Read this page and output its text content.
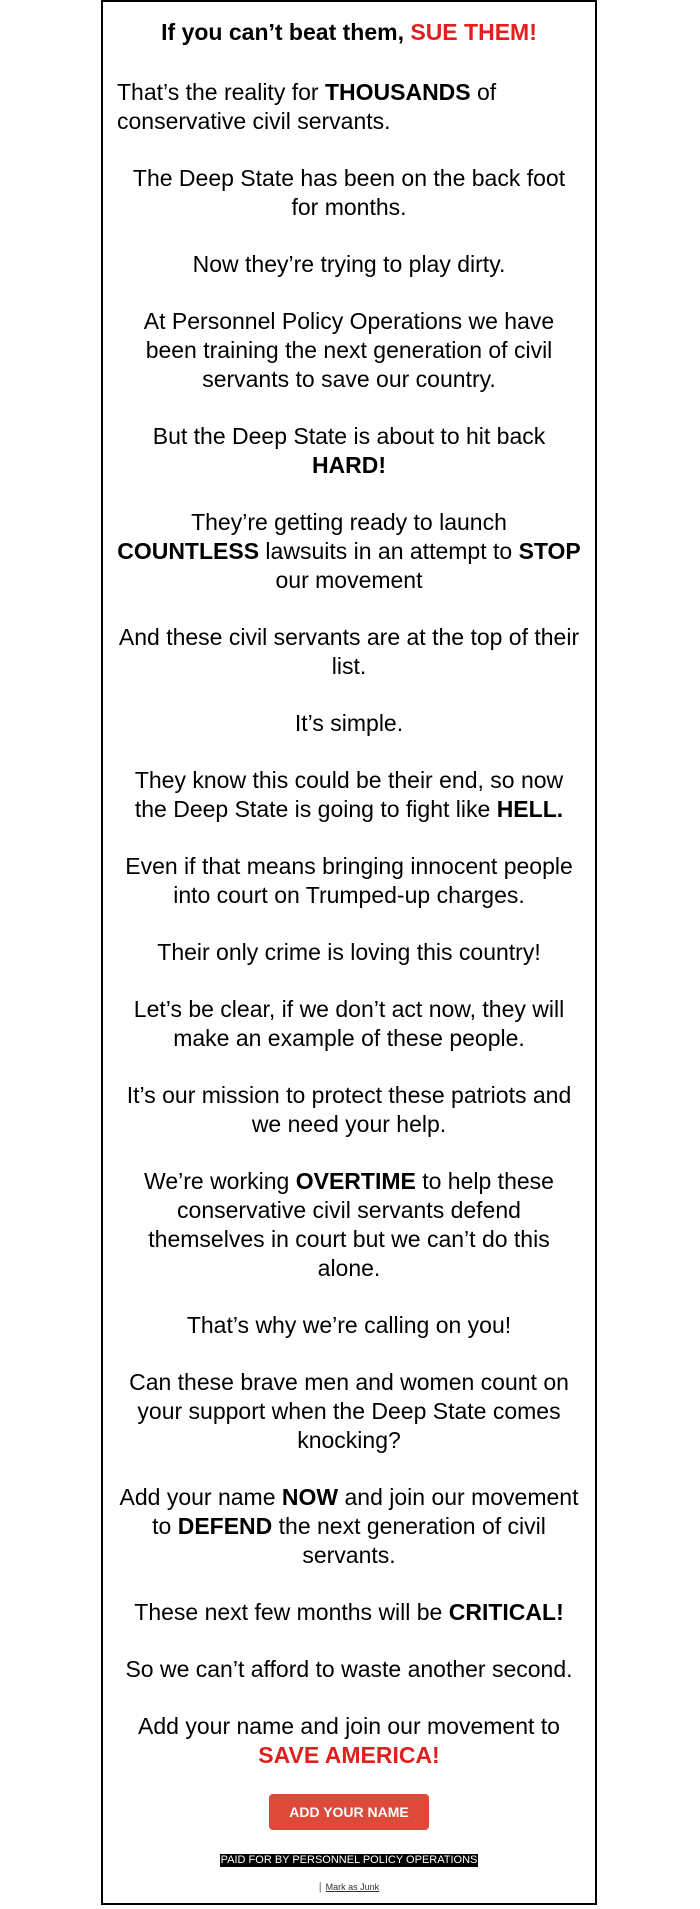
If you can’t beat them, SUE THEM!

That’s the reality for THOUSANDS of conservative civil servants.

The Deep State has been on the back foot for months.

Now they’re trying to play dirty.

At Personnel Policy Operations we have been training the next generation of civil servants to save our country.

But the Deep State is about to hit back HARD!

They’re getting ready to launch COUNTLESS lawsuits in an attempt to STOP our movement

And these civil servants are at the top of their list.

It’s simple.

They know this could be their end, so now the Deep State is going to fight like HELL.

Even if that means bringing innocent people into court on Trumped-up charges.

Their only crime is loving this country!

Let’s be clear, if we don’t act now, they will make an example of these people.

It’s our mission to protect these patriots and we need your help.

We’re working OVERTIME to help these conservative civil servants defend themselves in court but we can’t do this alone.

That’s why we’re calling on you!

Can these brave men and women count on your support when the Deep State comes knocking?

Add your name NOW and join our movement to DEFEND the next generation of civil servants.

These next few months will be CRITICAL!

So we can’t afford to waste another second.

Add your name and join our movement to
SAVE AMERICA!

ADD YOUR NAME
PAID FOR BY PERSONNEL POLICY OPERATIONS
| Mark as Junk
